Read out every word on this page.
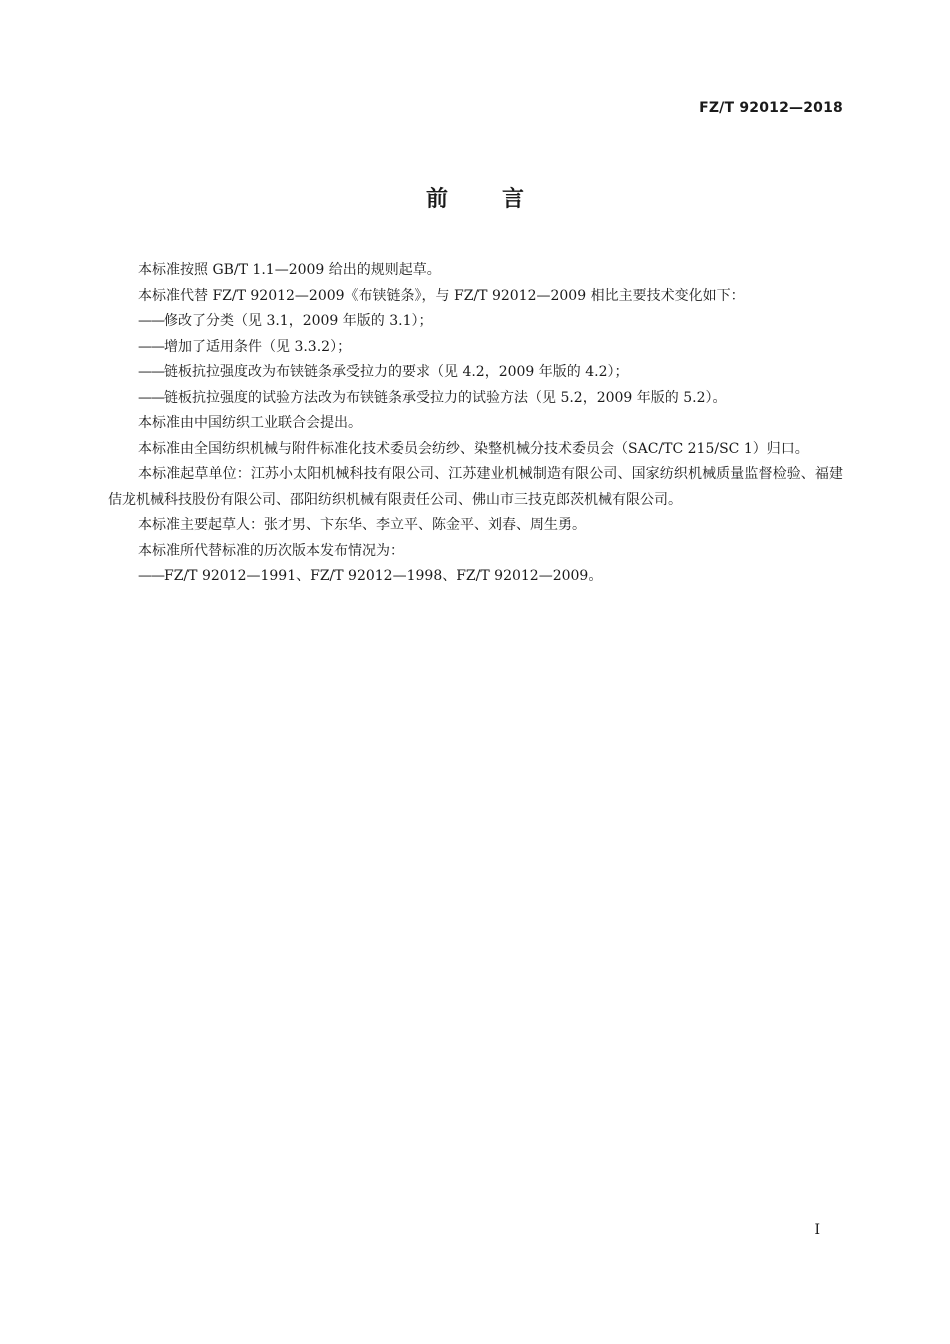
FZ/T 92012—2018
前言

本标准按照 GB/T 1.1—2009 给出的规则起草。

本标准代替 FZ/T 92012—2009《布铗链条》，与 FZ/T 92012—2009 相比主要技术变化如下：

——修改了分类（见 3.1，2009 年版的 3.1）；

——增加了适用条件（见 3.3.2）；

——链板抗拉强度改为布铗链条承受拉力的要求（见 4.2，2009 年版的 4.2）；

——链板抗拉强度的试验方法改为布铗链条承受拉力的试验方法（见 5.2，2009 年版的 5.2）。

本标准由中国纺织工业联合会提出。

本标准由全国纺织机械与附件标准化技术委员会纺纱、染整机械分技术委员会（SAC/TC 215/SC 1）归口。

本标准起草单位：江苏小太阳机械科技有限公司、江苏建业机械制造有限公司、国家纺织机械质量监督检验、福建佶龙机械科技股份有限公司、邵阳纺织机械有限责任公司、佛山市三技克郎茨机械有限公司。

本标准主要起草人：张才男、卞东华、李立平、陈金平、刘春、周生勇。

本标准所代替标准的历次版本发布情况为：

——FZ/T 92012—1991、FZ/T 92012—1998、FZ/T 92012—2009。

I
